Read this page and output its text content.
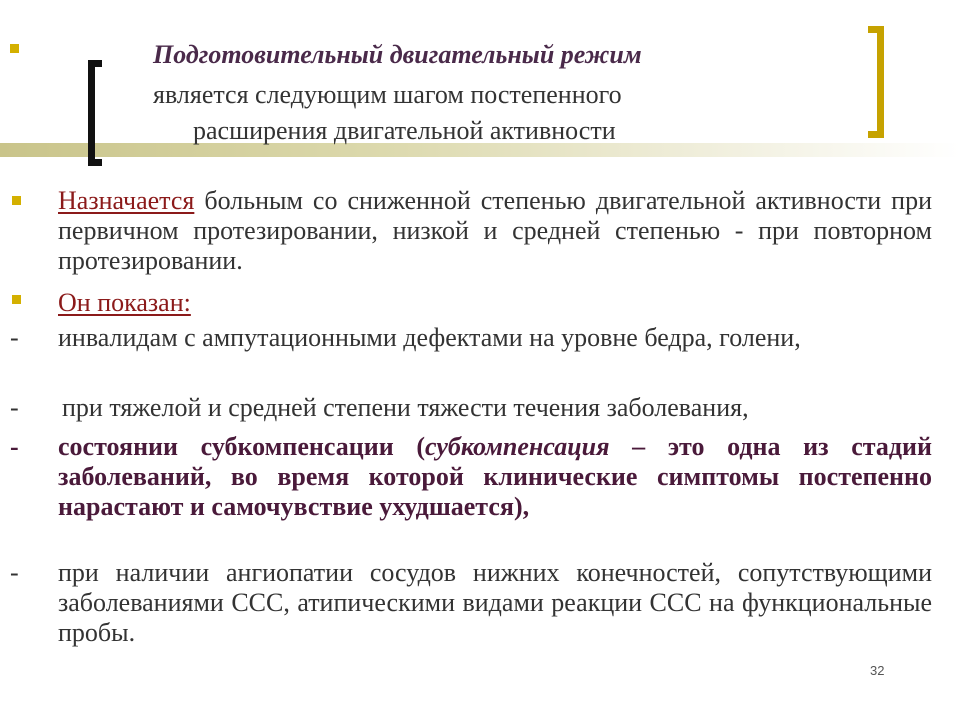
Подготовительный двигательный режим
является следующим шагом постепенного
расширения двигательной активности
Назначается больным со сниженной степенью двигательной активности при первичном протезировании, низкой и средней степенью - при повторном протезировании.
Он показан:
- инвалидам с ампутационными дефектами на уровне бедра, голени,
- при тяжелой и средней степени тяжести течения заболевания,
- состоянии субкомпенсации (субкомпенсация – это одна из стадий заболеваний, во время которой клинические симптомы постепенно нарастают и самочувствие ухудшается),
- при наличии ангиопатии сосудов нижних конечностей, сопутствующими заболеваниями ССС, атипическими видами реакции ССС на функциональные пробы.
32
